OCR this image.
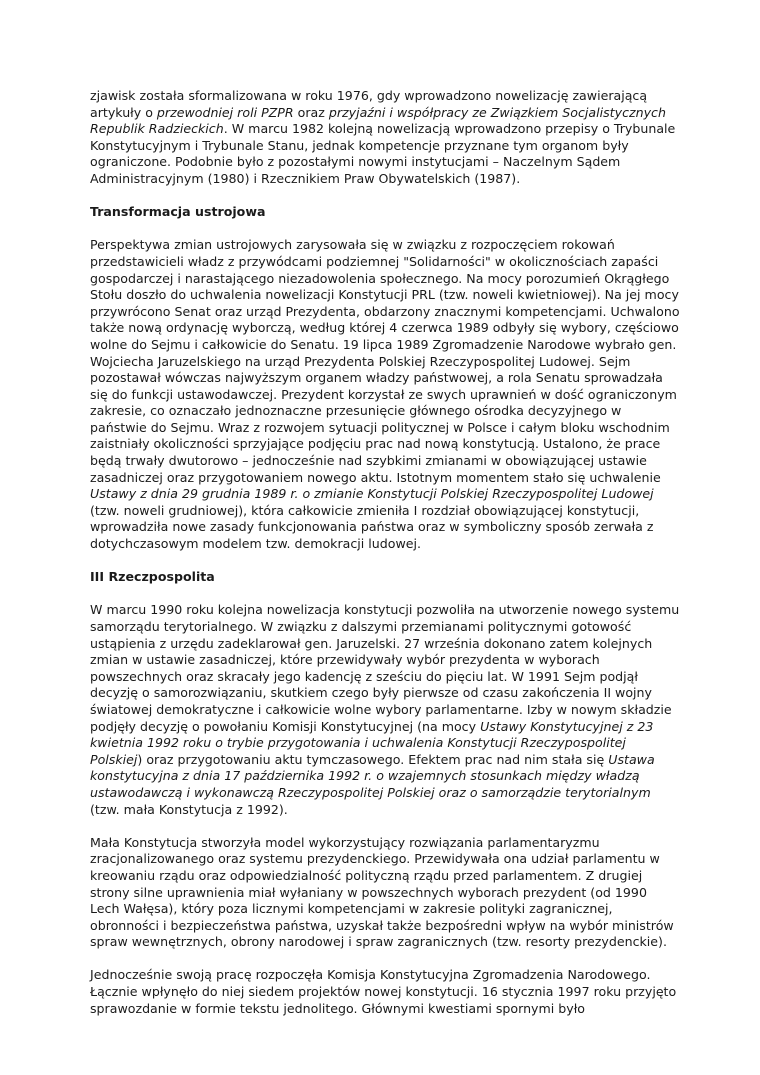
zjawisk została sformalizowana w roku 1976, gdy wprowadzono nowelizację zawierającą artykuły o przewodniej roli PZPR oraz przyjaźni i współpracy ze Związkiem Socjalistycznych Republik Radzieckich. W marcu 1982 kolejną nowelizacją wprowadzono przepisy o Trybunale Konstytucyjnym i Trybunale Stanu, jednak kompetencje przyznane tym organom były ograniczone. Podobnie było z pozostałymi nowymi instytucjami – Naczelnym Sądem Administracyjnym (1980) i Rzecznikiem Praw Obywatelskich (1987).

Transformacja ustrojowa

Perspektywa zmian ustrojowych zarysowała się w związku z rozpoczęciem rokowań przedstawicieli władz z przywódcami podziemnej "Solidarności" w okolicznościach zapaści gospodarczej i narastającego niezadowolenia społecznego. Na mocy porozumień Okrągłego Stołu doszło do uchwalenia nowelizacji Konstytucji PRL (tzw. noweli kwietniowej). Na jej mocy przywrócono Senat oraz urząd Prezydenta, obdarzony znacznymi kompetencjami. Uchwalono także nową ordynację wyborczą, według której 4 czerwca 1989 odbyły się wybory, częściowo wolne do Sejmu i całkowicie do Senatu. 19 lipca 1989 Zgromadzenie Narodowe wybrało gen. Wojciecha Jaruzelskiego na urząd Prezydenta Polskiej Rzeczypospolitej Ludowej. Sejm pozostawał wówczas najwyższym organem władzy państwowej, a rola Senatu sprowadzała się do funkcji ustawodawczej. Prezydent korzystał ze swych uprawnień w dość ograniczonym zakresie, co oznaczało jednoznaczne przesunięcie głównego ośrodka decyzyjnego w państwie do Sejmu. Wraz z rozwojem sytuacji politycznej w Polsce i całym bloku wschodnim zaistniały okoliczności sprzyjające podjęciu prac nad nową konstytucją. Ustalono, że prace będą trwały dwutorowo – jednocześnie nad szybkimi zmianami w obowiązującej ustawie zasadniczej oraz przygotowaniem nowego aktu. Istotnym momentem stało się uchwalenie Ustawy z dnia 29 grudnia 1989 r. o zmianie Konstytucji Polskiej Rzeczypospolitej Ludowej (tzw. noweli grudniowej), która całkowicie zmieniła I rozdział obowiązującej konstytucji, wprowadziła nowe zasady funkcjonowania państwa oraz w symboliczny sposób zerwała z dotychczasowym modelem tzw. demokracji ludowej.

III Rzeczpospolita

W marcu 1990 roku kolejna nowelizacja konstytucji pozwoliła na utworzenie nowego systemu samorządu terytorialnego. W związku z dalszymi przemianami politycznymi gotowość ustąpienia z urzędu zadeklarował gen. Jaruzelski. 27 września dokonano zatem kolejnych zmian w ustawie zasadniczej, które przewidywały wybór prezydenta w wyborach powszechnych oraz skracały jego kadencję z sześciu do pięciu lat. W 1991 Sejm podjął decyzję o samorozwiązaniu, skutkiem czego były pierwsze od czasu zakończenia II wojny światowej demokratyczne i całkowicie wolne wybory parlamentarne. Izby w nowym składzie podjęły decyzję o powołaniu Komisji Konstytucyjnej (na mocy Ustawy Konstytucyjnej z 23 kwietnia 1992 roku o trybie przygotowania i uchwalenia Konstytucji Rzeczypospolitej Polskiej) oraz przygotowaniu aktu tymczasowego. Efektem prac nad nim stała się Ustawa konstytucyjna z dnia 17 października 1992 r. o wzajemnych stosunkach między władzą ustawodawczą i wykonawczą Rzeczypospolitej Polskiej oraz o samorządzie terytorialnym (tzw. mała Konstytucja z 1992).

Mała Konstytucja stworzyła model wykorzystujący rozwiązania parlamentaryzmu zracjonalizowanego oraz systemu prezydenckiego. Przewidywała ona udział parlamentu w kreowaniu rządu oraz odpowiedzialność polityczną rządu przed parlamentem. Z drugiej strony silne uprawnienia miał wyłaniany w powszechnych wyborach prezydent (od 1990 Lech Wałęsa), który poza licznymi kompetencjami w zakresie polityki zagranicznej, obronności i bezpieczeństwa państwa, uzyskał także bezpośredni wpływ na wybór ministrów spraw wewnętrznych, obrony narodowej i spraw zagranicznych (tzw. resorty prezydenckie).

Jednocześnie swoją pracę rozpoczęła Komisja Konstytucyjna Zgromadzenia Narodowego. Łącznie wpłynęło do niej siedem projektów nowej konstytucji. 16 stycznia 1997 roku przyjęto sprawozdanie w formie tekstu jednolitego. Głównymi kwestiami spornymi było
